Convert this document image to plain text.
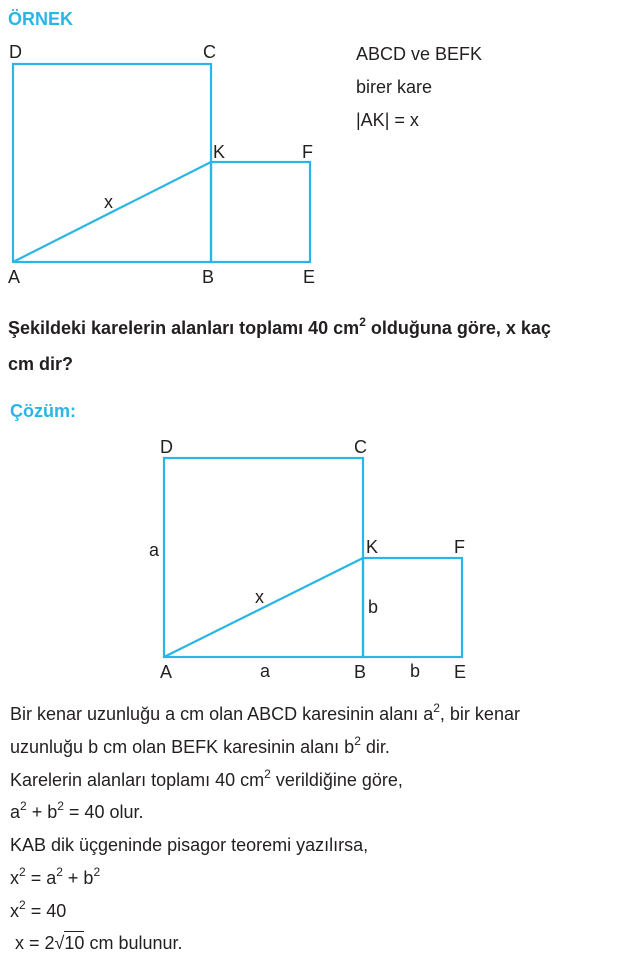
ÖRNEK
D	C
K	F
A	B	E
x
ABCD ve BEFK
birer kare
|AK| = x
Şekildeki karelerin alanları toplamı 40 $cm^2$ olduğuna göre, x kaç
cm dir?
Çözüm:
D	C
K	F
A	B	E
x
a
a
b
b
Bir kenar uzunluğu a cm olan ABCD karesinin alanı $a^2$, bir kenar
uzunluğu b cm olan BEFK karesinin alanı $b^2$ dir.
Karelerin alanları toplamı 40 $cm^2$ verildiğine göre,
$a^2 + b^2 = 40$ olur.
KAB dik üçgeninde pisagor teoremi yazılırsa,
$x^2 = a^2 + b^2$
$x^2 = 40$
x = 2√10 cm bulunur.
